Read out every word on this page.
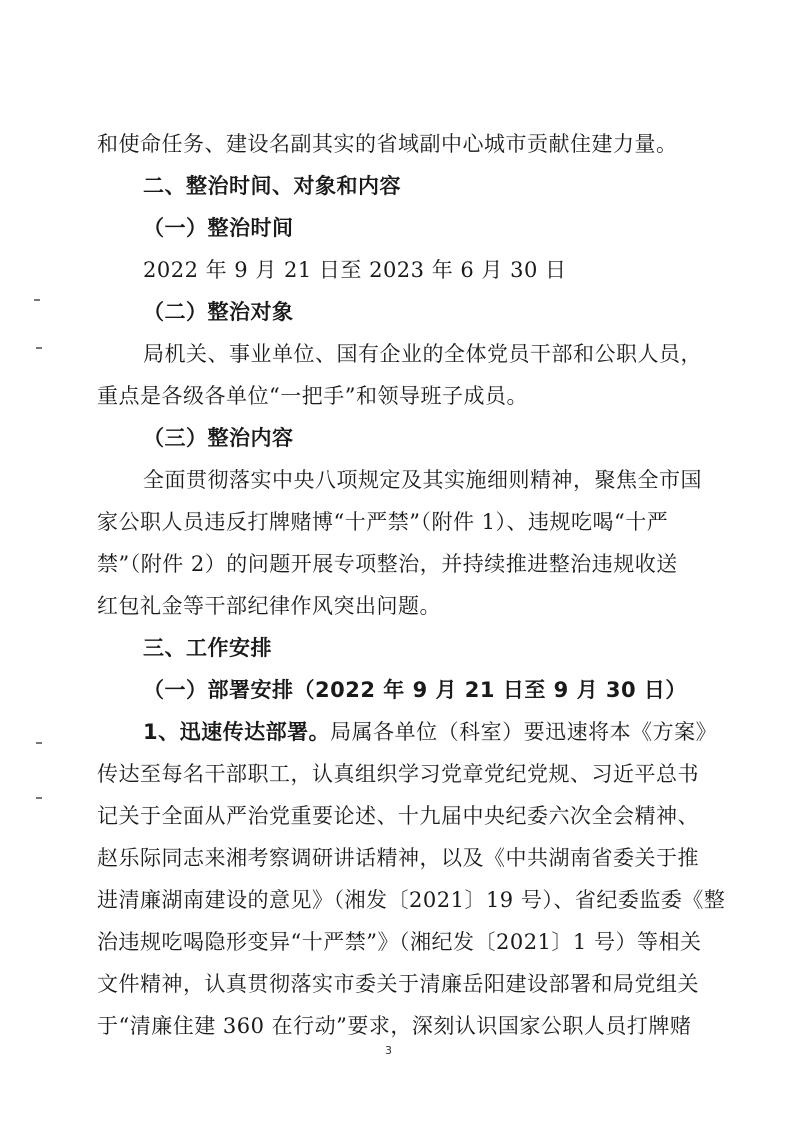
和使命任务、建设名副其实的省域副中心城市贡献住建力量。
二、整治时间、对象和内容
（一）整治时间
2022 年 9 月 21 日至 2023 年 6 月 30 日
（二）整治对象
局机关、事业单位、国有企业的全体党员干部和公职人员，
重点是各级各单位“一把手”和领导班子成员。
（三）整治内容
全面贯彻落实中央八项规定及其实施细则精神，聚焦全市国
家公职人员违反打牌赌博“十严禁”（附件 1）、违规吃喝“十严
禁”（附件 2）的问题开展专项整治，并持续推进整治违规收送
红包礼金等干部纪律作风突出问题。
三、工作安排
（一）部署安排（2022 年 9 月 21 日至 9 月 30 日）
1、迅速传达部署。局属各单位（科室）要迅速将本《方案》
传达至每名干部职工，认真组织学习党章党纪党规、习近平总书
记关于全面从严治党重要论述、十九届中央纪委六次全会精神、
赵乐际同志来湘考察调研讲话精神，以及《中共湖南省委关于推
进清廉湖南建设的意见》（湘发〔2021〕19 号）、省纪委监委《整
治违规吃喝隐形变异“十严禁”》（湘纪发〔2021〕1 号）等相关
文件精神，认真贯彻落实市委关于清廉岳阳建设部署和局党组关
于“清廉住建 360 在行动”要求，深刻认识国家公职人员打牌赌
3
